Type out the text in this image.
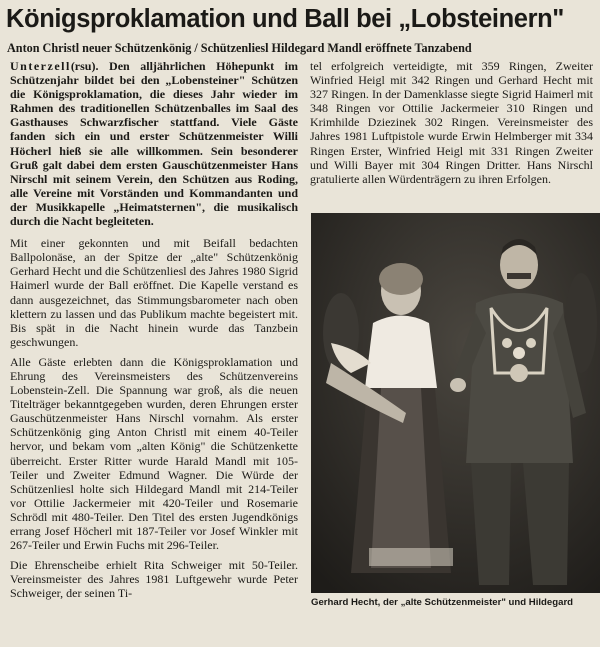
Königsproklamation und Ball bei „Lobsteinern"
Anton Christl neuer Schützenkönig / Schützenliesl Hildegard Mandl eröffnete Tanzabend

Unterzell(rsu). Den alljährlichen Höhepunkt im Schützenjahr bildet bei den „Lobensteiner" Schützen die Königsproklamation, die dieses Jahr wieder im Rahmen des traditionellen Schützenballes im Saal des Gasthauses Schwarzfischer stattfand. Viele Gäste fanden sich ein und erster Schützenmeister Willi Höcherl hieß sie alle willkommen. Sein besonderer Gruß galt dabei dem ersten Gauschützenmeister Hans Nirschl mit seinem Verein, den Schützen aus Roding, alle Vereine mit Vorständen und Kommandanten und der Musikkapelle „Heimatsternen", die musikalisch durch die Nacht begleiteten.

Mit einer gekonnten und mit Beifall bedachten Ballpolonäse, an der Spitze der „alte" Schützenkönig Gerhard Hecht und die Schützenliesl des Jahres 1980 Sigrid Haimerl wurde der Ball eröffnet. Die Kapelle verstand es dann ausgezeichnet, das Stimmungsbarometer nach oben klettern zu lassen und das Publikum machte begeistert mit. Bis spät in die Nacht hinein wurde das Tanzbein geschwungen.

Alle Gäste erlebten dann die Königsproklamation und Ehrung des Vereinsmeisters des Schützenvereins Lobenstein-Zell. Die Spannung war groß, als die neuen Titelträger bekanntgegeben wurden, deren Ehrungen erster Gauschützenmeister Hans Nirschl vornahm. Als erster Schützenkönig ging Anton Christl mit einem 40-Teiler hervor, und bekam vom „alten König" die Schützenkette überreicht. Erster Ritter wurde Harald Mandl mit 105-Teiler und Zweiter Edmund Wagner. Die Würde der Schützenliesl holte sich Hildegard Mandl mit 214-Teiler vor Ottilie Jackermeier mit 420-Teiler und Rosemarie Schrödl mit 480-Teiler. Den Titel des ersten Jugendkönigs errang Josef Höcherl mit 187-Teiler vor Josef Winkler mit 267-Teiler und Erwin Fuchs mit 296-Teiler.

Die Ehrenscheibe erhielt Rita Schweiger mit 50-Teiler. Vereinsmeister des Jahres 1981 Luftgewehr wurde Peter Schweiger, der seinen Ti-

tel erfolgreich verteidigte, mit 359 Ringen, Zweiter Winfried Heigl mit 342 Ringen und Gerhard Hecht mit 327 Ringen. In der Damenklasse siegte Sigrid Haimerl mit 348 Ringen vor Ottilie Jackermeier 310 Ringen und Krimhilde Dziezinek 302 Ringen. Vereinsmeister des Jahres 1981 Luftpistole wurde Erwin Helmberger mit 334 Ringen Erster, Winfried Heigl mit 331 Ringen Zweiter und Willi Bayer mit 304 Ringen Dritter. Hans Nirschl gratulierte allen Würdenträgern zu ihren Erfolgen.

Gerhard Hecht, der „alte Schützenmeister" und Hildegard
